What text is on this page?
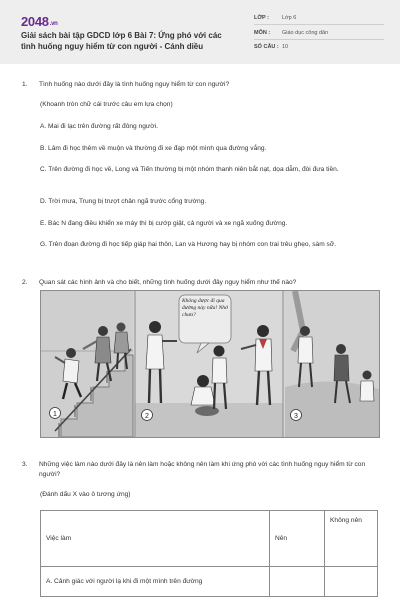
2048.vn
Giải sách bài tập GDCD lớp 6 Bài 7: Ứng phó với các tình huống nguy hiểm từ con người - Cánh diều
LỚP : Lớp 6
MÔN : Giáo dục công dân
SỐ CÂU : 10
1. Tình huống nào dưới đây là tình huống nguy hiểm từ con người?
(Khoanh tròn chữ cái trước câu em lựa chọn)
A. Mai đi lạc trên đường rất đông người.
B. Lâm đi học thêm về muộn và thường đi xe đạp một mình qua đường vắng.
C. Trên đường đi học về, Long và Tiến thường bị một nhóm thanh niên bắt nạt, dọa dẫm, đòi đưa tiền.
D. Trời mưa, Trung bị trượt chân ngã trước cổng trường.
E. Bác N đang điều khiển xe máy thì bị cướp giật, cả người và xe ngã xuống đường.
G. Trên đoạn đường đi học tiếp giáp hai thôn, Lan và Hương hay bị nhóm con trai trêu ghẹo, sàm sỡ.
2. Quan sát các hình ảnh và cho biết, những tình huống dưới đây nguy hiểm như thế nào?
1
Không được đi qua đường này nữa! Nhớ chưa?
2	3
3. Những việc làm nào dưới đây là nên làm hoặc không nên làm khi ứng phó với các tình huống nguy hiểm từ con người?
(Đánh dấu X vào ô tương ứng)
Việc làm	Nên	Không nên
A. Cảnh giác với người lạ khi đi một mình trên đường		
